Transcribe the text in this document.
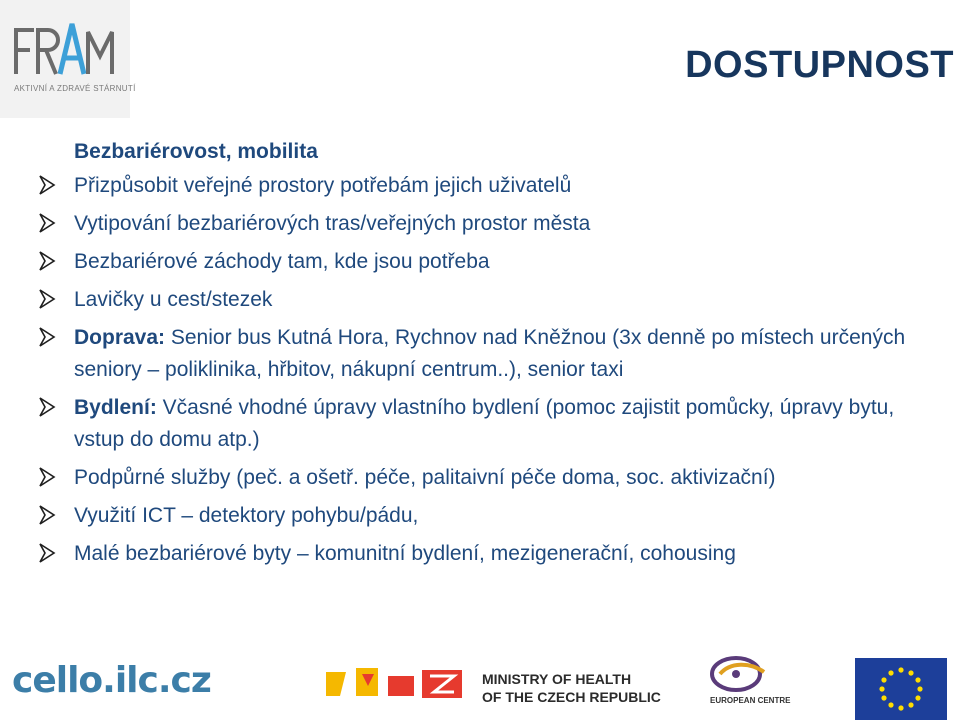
AKTIVNÍ A ZDRAVÉ STÁRNUTÍ
DOSTUPNOST
Bezbariérovost, mobilita
Přizpůsobit veřejné prostory potřebám jejich uživatelů
Vytipování bezbariérových tras/veřejných prostor města
Bezbariérové záchody tam, kde jsou potřeba
Lavičky u cest/stezek
Doprava: Senior bus Kutná Hora, Rychnov nad Kněžnou (3x denně po místech určených seniory – poliklinika, hřbitov, nákupní centrum..), senior taxi
Bydlení: Včasné vhodné úpravy vlastního bydlení (pomoc zajistit pomůcky, úpravy bytu, vstup do domu atp.)
Podpůrné služby (peč. a ošetř. péče, palitaivní péče doma, soc. aktivizační)
Využití ICT – detektory pohybu/pádu,
Malé bezbariérové byty – komunitní bydlení, mezigenerační, cohousing
cello.ilc.cz	MINISTRY OF HEALTH
OF THE CZECH REPUBLIC	EUROPEAN CENTRE
